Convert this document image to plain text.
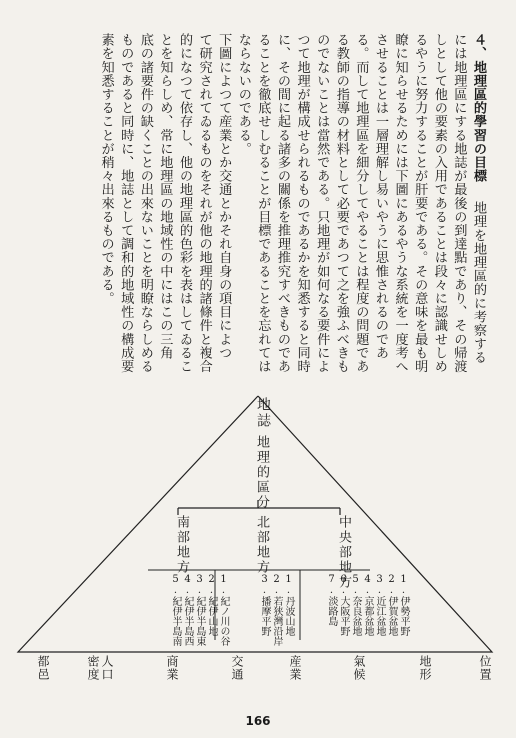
地理を地理區的に考察する
には地理區にする地誌が最後の到達點であり、その帰渡
しとして他の要素の入用であることは段々に認識せしめ
るやうに努力することが肝要である。その意味を最も明
瞭に知らせるためには下圖にあるやうな系統を一度考へ
させることは一層理解し易いやうに思惟されるのであ
る。而して地理區を細分してやることは程度の問題であ
る教師の指導の材料として必要であつて之を強ふべきも
のでないことは當然である。只地理が如何なる要件によ
つて地理が構成せられるものであるかを知悉すると同時
に、その間に起る諸多の關係を推理推究すべきものであ
ることを徹底せしむることが目標であることを忘れては
ならないのである。
下圖によつて産業とか交通とかそれ自身の項目によつ
て研究されてゐるものをそれが他の地理的諸條件と複合
的になつて依存し、他の地理區的色彩を表はしてゐるこ
とを知らしめ、常に地理區の地域性の中にはこの三角
底の諸要件の缺くことの出來ないことを明瞭ならしめる
ものであると同時に、地誌として調和的地域性の構成要
素を知悉することが稍々出來るものである。	４、地理區的學習の目標
地誌
地理的區分
中央部地方
北部地方
南部地方
1.伊勢平野
2.伊賀盆地
3.近江盆地
4.京都盆地
5.奈良盆地
6.大阪平野
7.淡路島
1.丹波山地
2.若狭灣沿岸
3.播摩平野
1.紀ノ川の谷
2.紀伊山地
3.紀伊半島東
4.紀伊半島西
5.紀伊半島南
位置
地形
氣候
産業
交通
商業
人口
密度
都邑
166
